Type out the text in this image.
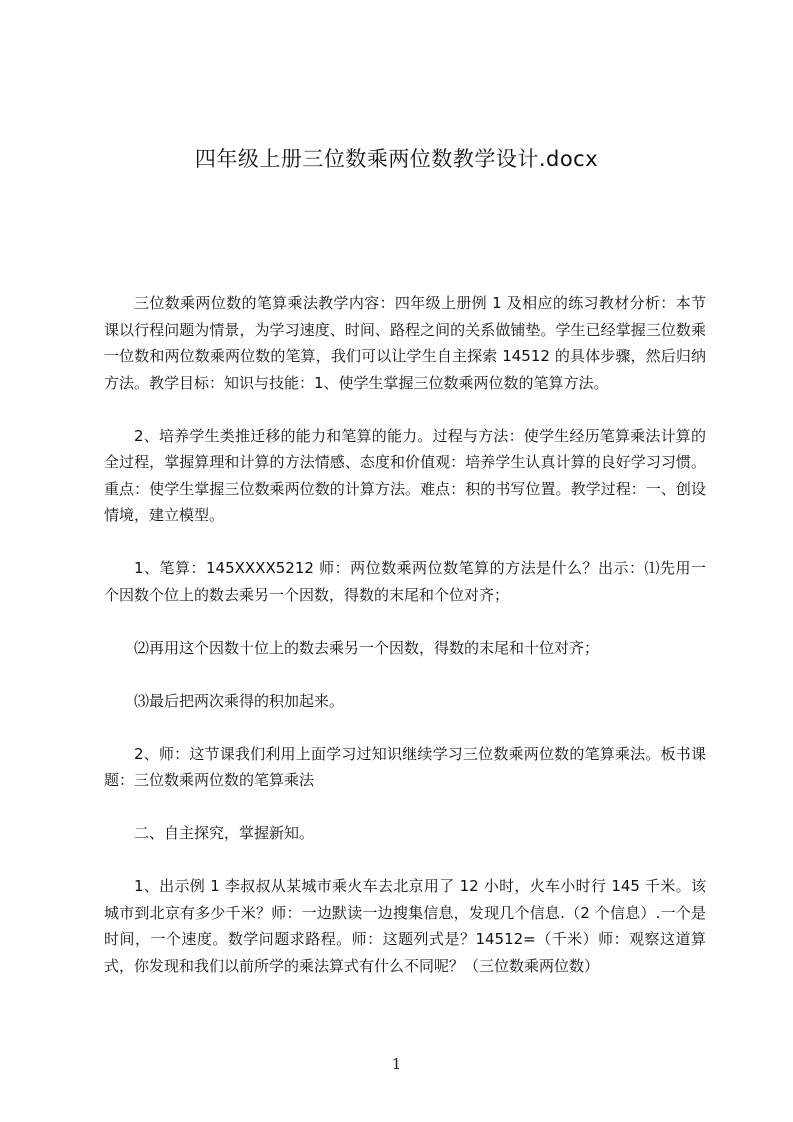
四年级上册三位数乘两位数教学设计.docx

三位数乘两位数的笔算乘法教学内容：四年级上册例 1 及相应的练习教材分析：本节课以行程问题为情景，为学习速度、时间、路程之间的关系做铺垫。学生已经掌握三位数乘一位数和两位数乘两位数的笔算，我们可以让学生自主探索 14512 的具体步骤，然后归纳方法。教学目标：知识与技能：1、使学生掌握三位数乘两位数的笔算方法。

2、培养学生类推迁移的能力和笔算的能力。过程与方法：使学生经历笔算乘法计算的全过程，掌握算理和计算的方法情感、态度和价值观：培养学生认真计算的良好学习习惯。重点：使学生掌握三位数乘两位数的计算方法。难点：积的书写位置。教学过程：一、创设情境，建立模型。

1、笔算：145XXXX5212 师：两位数乘两位数笔算的方法是什么？出示：⑴先用一个因数个位上的数去乘另一个因数，得数的末尾和个位对齐；

⑵再用这个因数十位上的数去乘另一个因数，得数的末尾和十位对齐；

⑶最后把两次乘得的积加起来。

2、师：这节课我们利用上面学习过知识继续学习三位数乘两位数的笔算乘法。板书课题：三位数乘两位数的笔算乘法

二、自主探究，掌握新知。

1、出示例 1 李叔叔从某城市乘火车去北京用了 12 小时，火车小时行 145 千米。该城市到北京有多少千米？师：一边默读一边搜集信息，发现几个信息.（2 个信息）.一个是时间，一个速度。数学问题求路程。师：这题列式是？14512=（千米）师：观察这道算式，你发现和我们以前所学的乘法算式有什么不同呢？（三位数乘两位数）

1
